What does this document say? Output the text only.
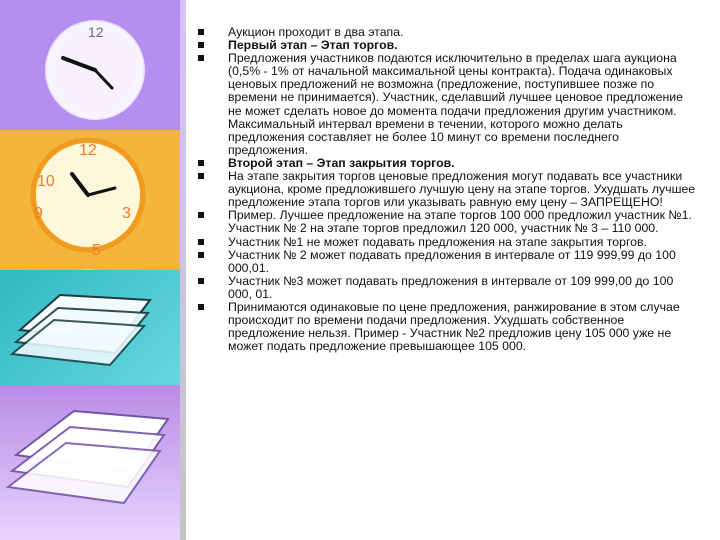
12
12
10
9	3
5
Аукцион проходит в два этапа.
Первый этап – Этап торгов.
Предложения участников подаются исключительно в пределах шага аукциона (0,5% - 1% от начальной максимальной цены контракта). Подача одинаковых ценовых предложений не возможна (предложение, поступившее позже по времени не принимается). Участник, сделавший лучшее ценовое предложение не может сделать новое до момента подачи предложения другим участником. Максимальный интервал времени в течении, которого можно делать предложения составляет не более 10 минут со времени последнего предложения.
Второй этап – Этап закрытия торгов.
На этапе закрытия торгов ценовые предложения могут подавать все участники аукциона, кроме предложившего лучшую цену на этапе торгов. Ухудшать лучшее предложение этапа торгов или указывать равную ему цену – ЗАПРЕЩЕНО!
Пример. Лучшее предложение на этапе торгов 100 000 предложил участник №1. Участник № 2 на этапе торгов предложил 120 000, участник № 3 – 110 000.
Участник №1 не может подавать предложения на этапе закрытия торгов.
Участник № 2 может подавать предложения в интервале от 119 999,99 до 100 000,01.
Участник №3 может подавать предложения в интервале от 109 999,00 до 100 000, 01.
Принимаются одинаковые по цене предложения, ранжирование в этом случае происходит по времени подачи предложения. Ухудшать собственное предложение нельзя. Пример - Участник №2 предложив цену 105 000 уже не может подать предложение превышающее 105 000.
